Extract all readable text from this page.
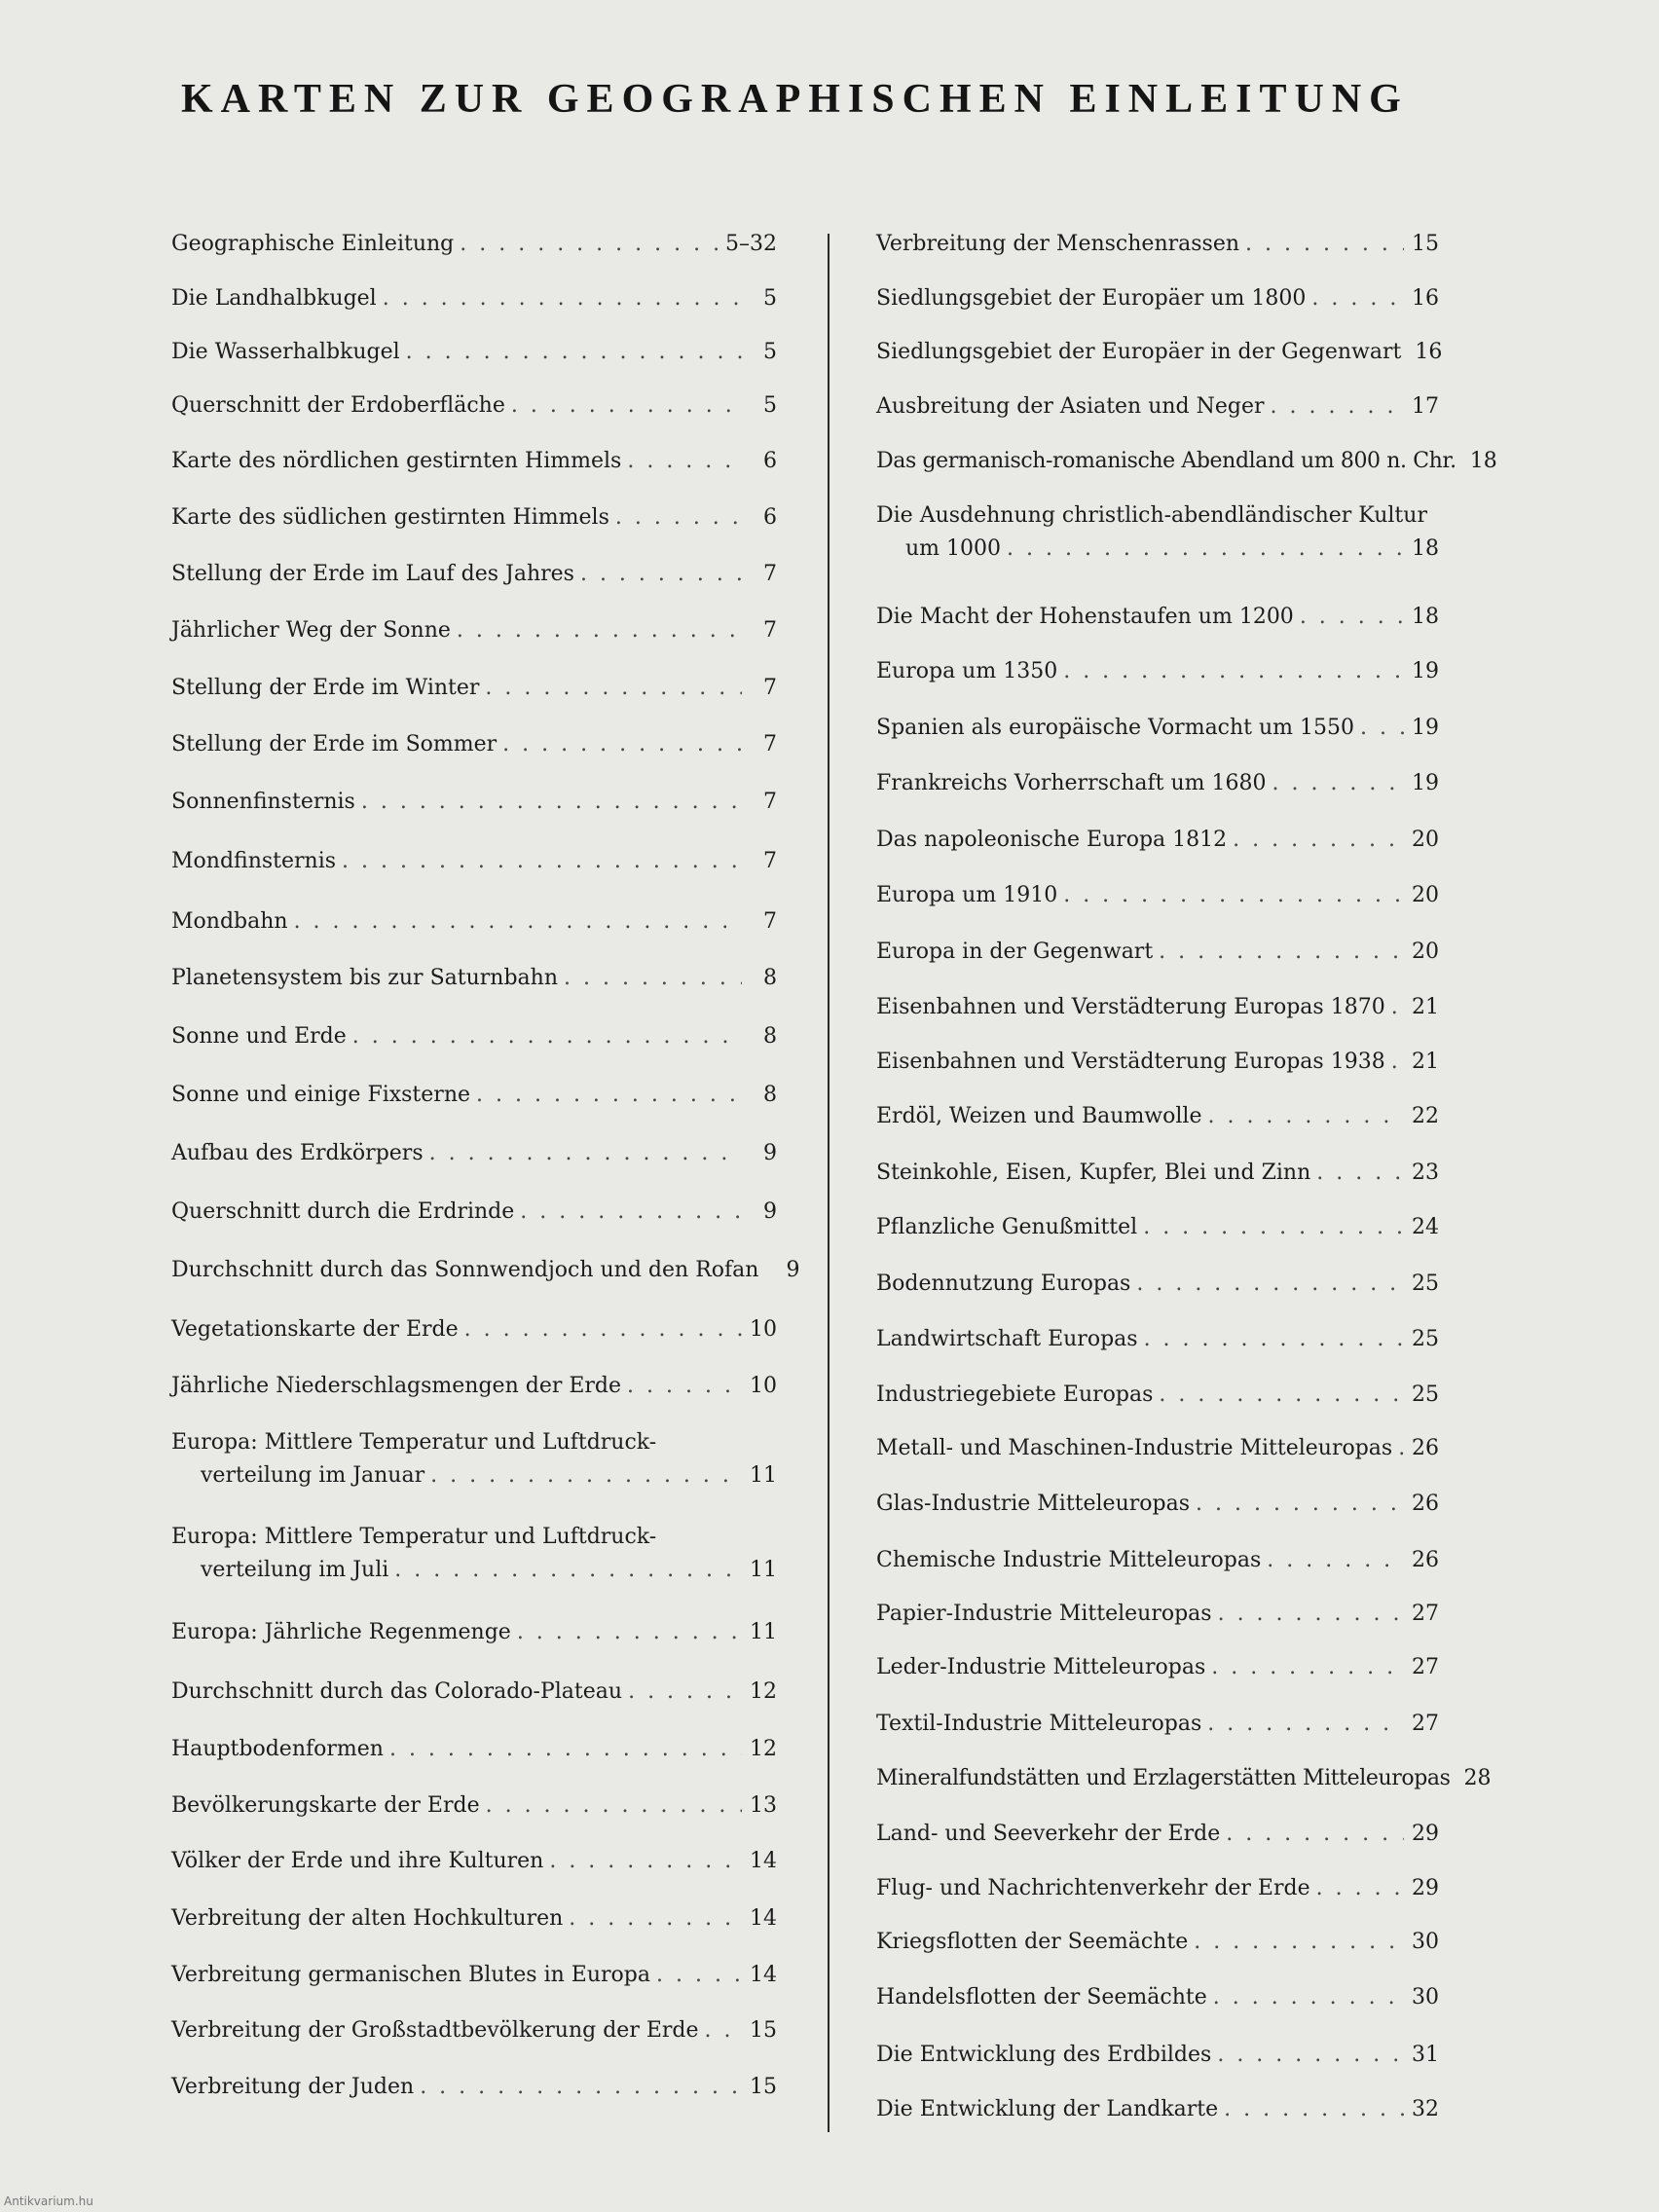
KARTEN ZUR GEOGRAPHISCHEN EINLEITUNG
Geographische Einleitung . . .	5–32
Die Landhalbkugel . . .	5
Die Wasserhalbkugel . . .	5
Querschnitt der Erdoberfläche . . .	5
Karte des nördlichen gestirnten Himmels . . .	6
Karte des südlichen gestirnten Himmels . . .	6
Stellung der Erde im Lauf des Jahres . . .	7
Jährlicher Weg der Sonne . . .	7
Stellung der Erde im Winter . . .	7
Stellung der Erde im Sommer . . .	7
Sonnenfinsternis . . .	7
Mondfinsternis . . .	7
Mondbahn . . .	7
Planetensystem bis zur Saturnbahn . . .	8
Sonne und Erde . . .	8
Sonne und einige Fixsterne . . .	8
Aufbau des Erdkörpers . . .	9
Querschnitt durch die Erdrinde . . .	9
Durchschnitt durch das Sonnwendjoch und den Rofan	9
Vegetationskarte der Erde . . .	10
Jährliche Niederschlagsmengen der Erde . . .	10
Europa: Mittlere Temperatur und Luftdruck-
verteilung im Januar . . .	11
Europa: Mittlere Temperatur und Luftdruck-
verteilung im Juli . . .	11
Europa: Jährliche Regenmenge . . .	11
Durchschnitt durch das Colorado-Plateau . . .	12
Hauptbodenformen . . .	12
Bevölkerungskarte der Erde . . .	13
Völker der Erde und ihre Kulturen . . .	14
Verbreitung der alten Hochkulturen . . .	14
Verbreitung germanischen Blutes in Europa . . .	14
Verbreitung der Großstadtbevölkerung der Erde . . . 15
Verbreitung der Juden . . .	15
Verbreitung der Menschenrassen . . .	15
Siedlungsgebiet der Europäer um 1800 . . .	16
Siedlungsgebiet der Europäer in der Gegenwart 16
Ausbreitung der Asiaten und Neger . . .	17
Das germanisch-romanische Abendland um 800 n. Chr. 18
Die Ausdehnung christlich-abendländischer Kultur
um 1000 . . .	18
Die Macht der Hohenstaufen um 1200 . . .	18
Europa um 1350 . . .	19
Spanien als europäische Vormacht um 1550 . . .	19
Frankreichs Vorherrschaft um 1680 . . .	19
Das napoleonische Europa 1812 . . .	20
Europa um 1910 . . .	20
Europa in der Gegenwart . . .	20
Eisenbahnen und Verstädterung Europas 1870 . . . 21
Eisenbahnen und Verstädterung Europas 1938 . . . 21
Erdöl, Weizen und Baumwolle . . .	22
Steinkohle, Eisen, Kupfer, Blei und Zinn . . .	23
Pflanzliche Genußmittel . . .	24
Bodennutzung Europas . . .	25
Landwirtschaft Europas . . .	25
Industriegebiete Europas . . .	25
Metall- und Maschinen-Industrie Mitteleuropas . . . 26
Glas-Industrie Mitteleuropas . . .	26
Chemische Industrie Mitteleuropas . . .	26
Papier-Industrie Mitteleuropas . . .	27
Leder-Industrie Mitteleuropas . . .	27
Textil-Industrie Mitteleuropas . . .	27
Mineralfundstätten und Erzlagerstätten Mitteleuropas 28
Land- und Seeverkehr der Erde . . .	29
Flug- und Nachrichtenverkehr der Erde . . .	29
Kriegsflotten der Seemächte . . .	30
Handelsflotten der Seemächte . . .	30
Die Entwicklung des Erdbildes . . .	31
Die Entwicklung der Landkarte . . .	32
Antikvarium.hu
